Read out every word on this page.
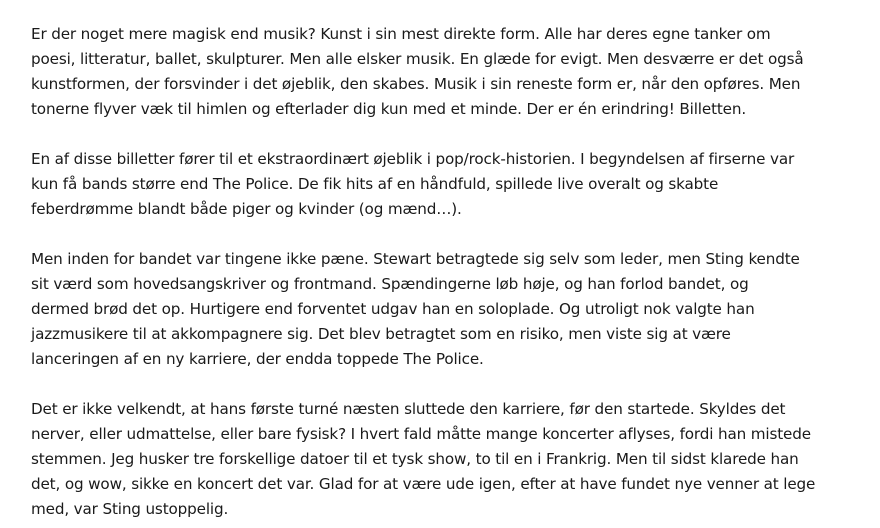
Er der noget mere magisk end musik? Kunst i sin mest direkte form. Alle har deres egne tanker om
poesi, litteratur, ballet, skulpturer. Men alle elsker musik. En glæde for evigt. Men desværre er det også
kunstformen, der forsvinder i det øjeblik, den skabes. Musik i sin reneste form er, når den opføres. Men
tonerne flyver væk til himlen og efterlader dig kun med et minde. Der er én erindring! Billetten.

En af disse billetter fører til et ekstraordinært øjeblik i pop/rock-historien. I begyndelsen af firserne var
kun få bands større end The Police. De fik hits af en håndfuld, spillede live overalt og skabte
feberdrømme blandt både piger og kvinder (og mænd…).

Men inden for bandet var tingene ikke pæne. Stewart betragtede sig selv som leder, men Sting kendte
sit værd som hovedsangskriver og frontmand. Spændingerne løb høje, og han forlod bandet, og
dermed brød det op. Hurtigere end forventet udgav han en soloplade. Og utroligt nok valgte han
jazzmusikere til at akkompagnere sig. Det blev betragtet som en risiko, men viste sig at være
lanceringen af en ny karriere, der endda toppede The Police.

Det er ikke velkendt, at hans første turné næsten sluttede den karriere, før den startede. Skyldes det
nerver, eller udmattelse, eller bare fysisk? I hvert fald måtte mange koncerter aflyses, fordi han mistede
stemmen. Jeg husker tre forskellige datoer til et tysk show, to til en i Frankrig. Men til sidst klarede han
det, og wow, sikke en koncert det var. Glad for at være ude igen, efter at have fundet nye venner at lege
med, var Sting ustoppelig.
